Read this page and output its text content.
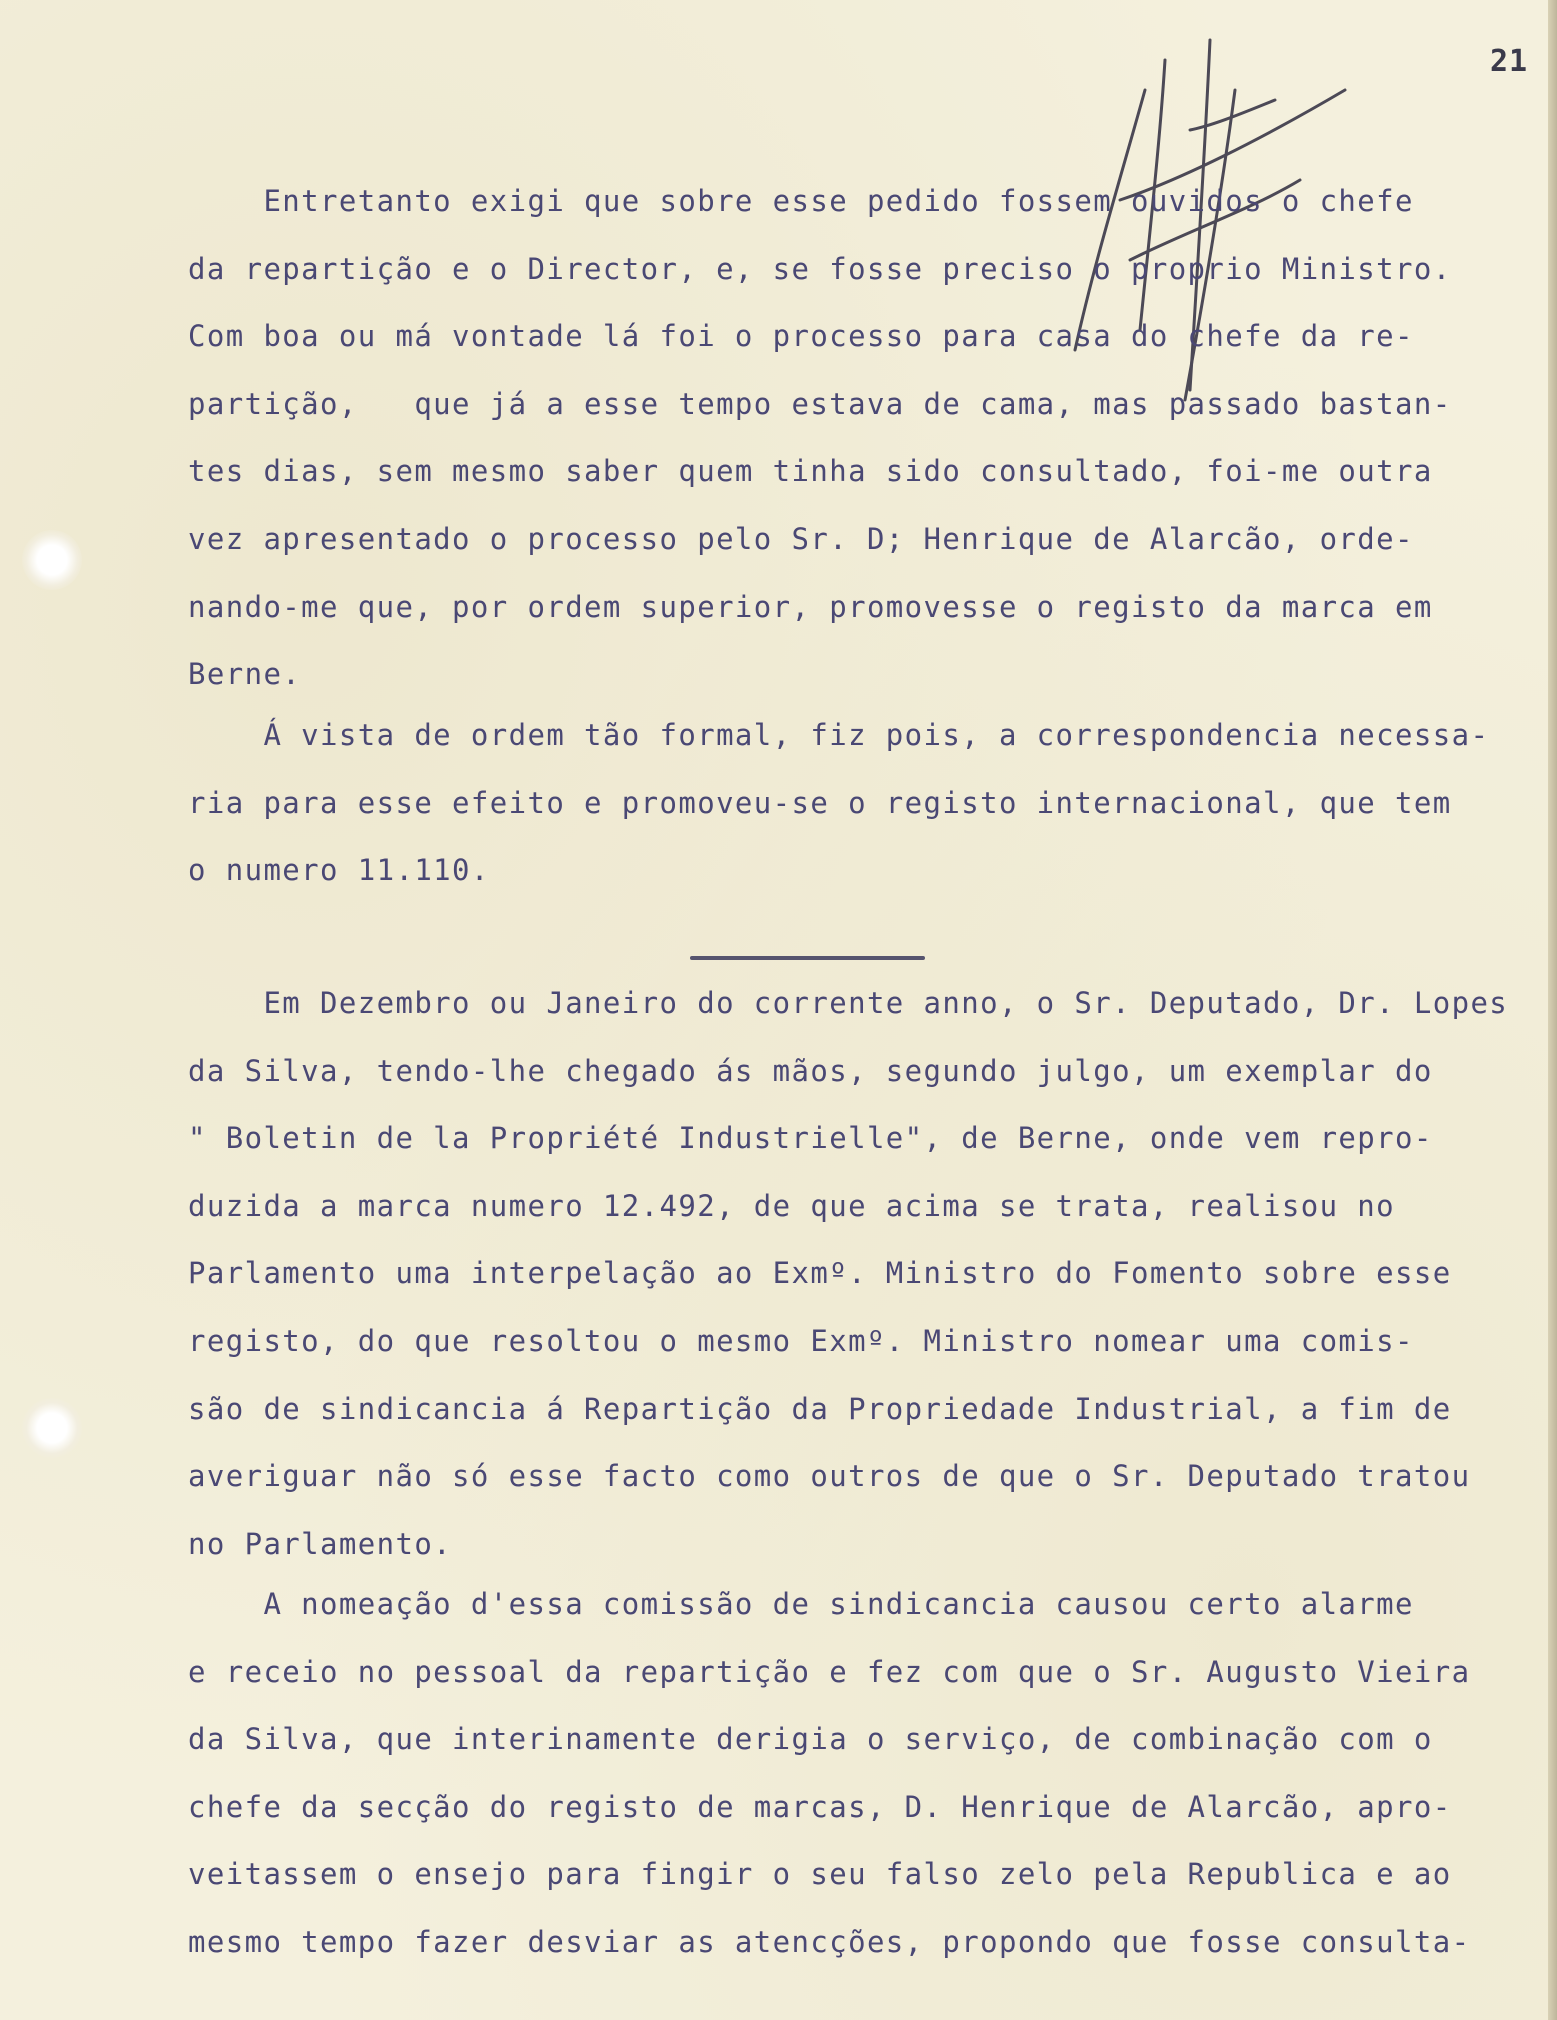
21
Entretanto exigi que sobre esse pedido fossem ouvidos o chefe
da repartição e o Director, e, se fosse preciso o proprio Ministro.
Com boa ou má vontade lá foi o processo para casa do chefe da re-
partição,   que já a esse tempo estava de cama, mas passado bastan-
tes dias, sem mesmo saber quem tinha sido consultado, foi-me outra
vez apresentado o processo pelo Sr. D; Henrique de Alarcão, orde-
nando-me que, por ordem superior, promovesse o registo da marca em
Berne.
Á vista de ordem tão formal, fiz pois, a correspondencia necessa-
ria para esse efeito e promoveu-se o registo internacional, que tem
o numero 11.110.
Em Dezembro ou Janeiro do corrente anno, o Sr. Deputado, Dr. Lopes
da Silva, tendo-lhe chegado ás mãos, segundo julgo, um exemplar do
" Boletin de la Propriété Industrielle", de Berne, onde vem repro-
duzida a marca numero 12.492, de que acima se trata, realisou no
Parlamento uma interpelação ao Exmº. Ministro do Fomento sobre esse
registo, do que resoltou o mesmo Exmº. Ministro nomear uma comis-
são de sindicancia á Repartição da Propriedade Industrial, a fim de
averiguar não só esse facto como outros de que o Sr. Deputado tratou
no Parlamento.
A nomeação d'essa comissão de sindicancia causou certo alarme
e receio no pessoal da repartição e fez com que o Sr. Augusto Vieira
da Silva, que interinamente derigia o serviço, de combinação com o
chefe da secção do registo de marcas, D. Henrique de Alarcão, apro-
veitassem o ensejo para fingir o seu falso zelo pela Republica e ao
mesmo tempo fazer desviar as atencções, propondo que fosse consulta-
